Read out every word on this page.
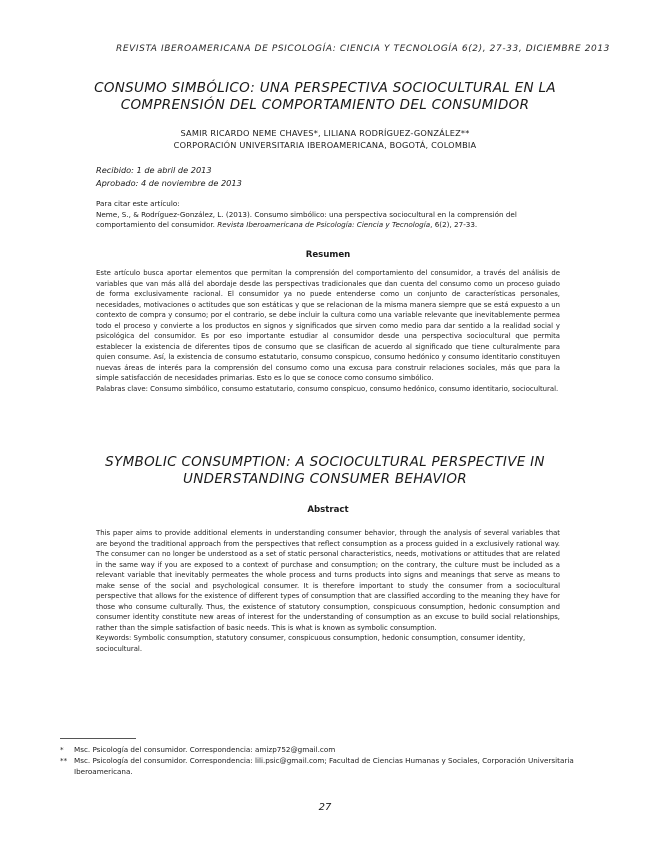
REVISTA IBEROAMERICANA DE PSICOLOGÍA: CIENCIA Y TECNOLOGÍA 6(2), 27-33, DICIEMBRE 2013
CONSUMO SIMBÓLICO: UNA PERSPECTIVA SOCIOCULTURAL EN LA
COMPRENSIÓN DEL COMPORTAMIENTO DEL CONSUMIDOR
SAMIR RICARDO NEME CHAVES*, LILIANA RODRÍGUEZ-GONZÁLEZ**
CORPORACIÓN UNIVERSITARIA IBEROAMERICANA, BOGOTÁ, COLOMBIA
Recibido: 1 de abril de 2013
Aprobado: 4 de noviembre de 2013
Para citar este artículo:
Neme, S., & Rodríguez-González, L. (2013). Consumo simbólico: una perspectiva sociocultural en la comprensión del comportamiento del consumidor. Revista Iberoamericana de Psicología: Ciencia y Tecnología, 6(2), 27-33.
Resumen
Este artículo busca aportar elementos que permitan la comprensión del comportamiento del consumidor, a través del análisis de variables que van más allá del abordaje desde las perspectivas tradicionales que dan cuenta del consumo como un proceso guiado de forma exclusivamente racional. El consumidor ya no puede entenderse como un conjunto de características personales, necesidades, motivaciones o actitudes que son estáticas y que se relacionan de la misma manera siempre que se está expuesto a un contexto de compra y consumo; por el contrario, se debe incluir la cultura como una variable relevante que inevitablemente permea todo el proceso y convierte a los productos en signos y significados que sirven como medio para dar sentido a la realidad social y psicológica del consumidor. Es por eso importante estudiar al consumidor desde una perspectiva sociocultural que permita establecer la existencia de diferentes tipos de consumo que se clasifican de acuerdo al significado que tiene culturalmente para quien consume. Así, la existencia de consumo estatutario, consumo conspicuo, consumo hedónico y consumo identitario constituyen nuevas áreas de interés para la comprensión del consumo como una excusa para construir relaciones sociales, más que para la simple satisfacción de necesidades primarias. Esto es lo que se conoce como consumo simbólico.
Palabras clave: Consumo simbólico, consumo estatutario, consumo conspicuo, consumo hedónico, consumo identitario, sociocultural.
SYMBOLIC CONSUMPTION: A SOCIOCULTURAL PERSPECTIVE IN
UNDERSTANDING CONSUMER BEHAVIOR
Abstract
This paper aims to provide additional elements in understanding consumer behavior, through the analysis of several variables that are beyond the traditional approach from the perspectives that reflect consumption as a process guided in a exclusively rational way. The consumer can no longer be understood as a set of static personal characteristics, needs, motivations or attitudes that are related in the same way if you are exposed to a context of purchase and consumption; on the contrary, the culture must be included as a relevant variable that inevitably permeates the whole process and turns products into signs and meanings that serve as means to make sense of the social and psychological consumer. It is therefore important to study the consumer from a sociocultural perspective that allows for the existence of different types of consumption that are classified according to the meaning they have for those who consume culturally. Thus, the existence of statutory consumption, conspicuous consumption, hedonic consumption and consumer identity constitute new areas of interest for the understanding of consumption as an excuse to build social relationships, rather than the simple satisfaction of basic needs. This is what is known as symbolic consumption.
Keywords: Symbolic consumption, statutory consumer, conspicuous consumption, hedonic consumption, consumer identity, sociocultural.
*	Msc. Psicología del consumidor. Correspondencia: amizp752@gmail.com
** Msc. Psicología del consumidor. Correspondencia: lili.psic@gmail.com; Facultad de Ciencias Humanas y Sociales, Corporación Universitaria Iberoamericana.
27
